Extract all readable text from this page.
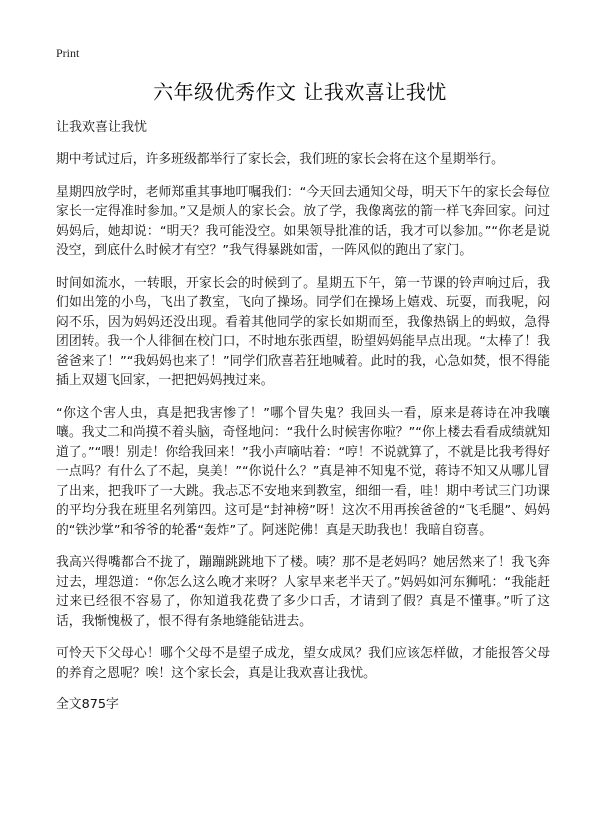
Print
六年级优秀作文 让我欢喜让我忧
让我欢喜让我忧

期中考试过后，许多班级都举行了家长会，我们班的家长会将在这个星期举行。

星期四放学时，老师郑重其事地叮嘱我们：“今天回去通知父母，明天下午的家长会每位家长一定得准时参加。”又是烦人的家长会。放了学，我像离弦的箭一样飞奔回家。问过妈妈后，她却说：“明天？我可能没空。如果领导批准的话，我才可以参加。”“你老是说没空，到底什么时候才有空？”我气得暴跳如雷，一阵风似的跑出了家门。

时间如流水，一转眼，开家长会的时候到了。星期五下午，第一节课的铃声响过后，我们如出笼的小鸟，飞出了教室，飞向了操场。同学们在操场上嬉戏、玩耍，而我呢，闷闷不乐，因为妈妈还没出现。看着其他同学的家长如期而至，我像热锅上的蚂蚁，急得团团转。我一个人徘徊在校门口，不时地东张西望，盼望妈妈能早点出现。“太棒了！我爸爸来了！”“我妈妈也来了！”同学们欣喜若狂地喊着。此时的我，心急如焚，恨不得能插上双翅飞回家，一把把妈妈拽过来。

“你这个害人虫，真是把我害惨了！”哪个冒失鬼？我回头一看，原来是蒋诗在冲我嚷嚷。我丈二和尚摸不着头脑，奇怪地问：“我什么时候害你啦？”“你上楼去看看成绩就知道了。”“喂！别走！你给我回来！”我小声嘀咕着：“哼！不说就算了，不就是比我考得好一点吗？有什么了不起，臭美！”“你说什么？”真是神不知鬼不觉，蒋诗不知又从哪儿冒了出来，把我吓了一大跳。我忐忑不安地来到教室，细细一看，哇！期中考试三门功课的平均分我在班里名列第四。这可是“封神榜”呀！这次不用再挨爸爸的“飞毛腿”、妈妈的“铁沙掌”和爷爷的轮番“轰炸”了。阿迷陀佛！真是天助我也！我暗自窃喜。

我高兴得嘴都合不拢了，蹦蹦跳跳地下了楼。咦？那不是老妈吗？她居然来了！我飞奔过去，埋怨道：“你怎么这么晚才来呀？人家早来老半天了。”妈妈如河东狮吼：“我能赶过来已经很不容易了，你知道我花费了多少口舌，才请到了假？真是不懂事。”听了这话，我惭愧极了，恨不得有条地缝能钻进去。

可怜天下父母心！哪个父母不是望子成龙，望女成凤？我们应该怎样做，才能报答父母的养育之恩呢？唉！这个家长会，真是让我欢喜让我忧。

全文875字
